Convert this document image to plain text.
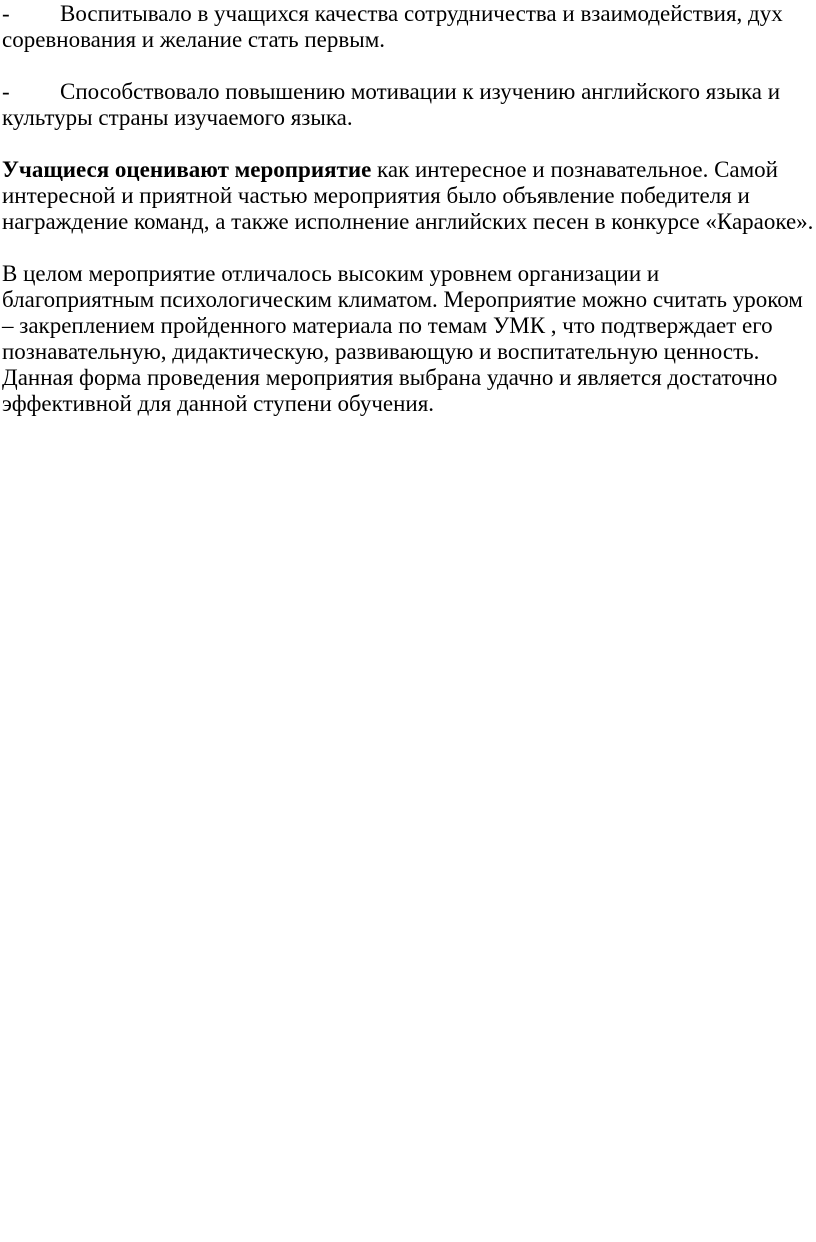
- Воспитывало в учащихся качества сотрудничества и взаимодействия, дух соревнования и желание стать первым.

- Способствовало повышению мотивации к изучению английского языка и культуры страны изучаемого языка.

Учащиеся оценивают мероприятие как интересное и познавательное. Самой интересной и приятной частью мероприятия было объявление победителя и награждение команд, а также исполнение английских песен в конкурсе «Караоке».

В целом мероприятие отличалось высоким уровнем организации и благоприятным психологическим климатом. Мероприятие можно считать уроком – закреплением пройденного материала по темам УМК , что подтверждает его познавательную, дидактическую, развивающую и воспитательную ценность. Данная форма проведения мероприятия выбрана удачно и является достаточно эффективной для данной ступени обучения.
